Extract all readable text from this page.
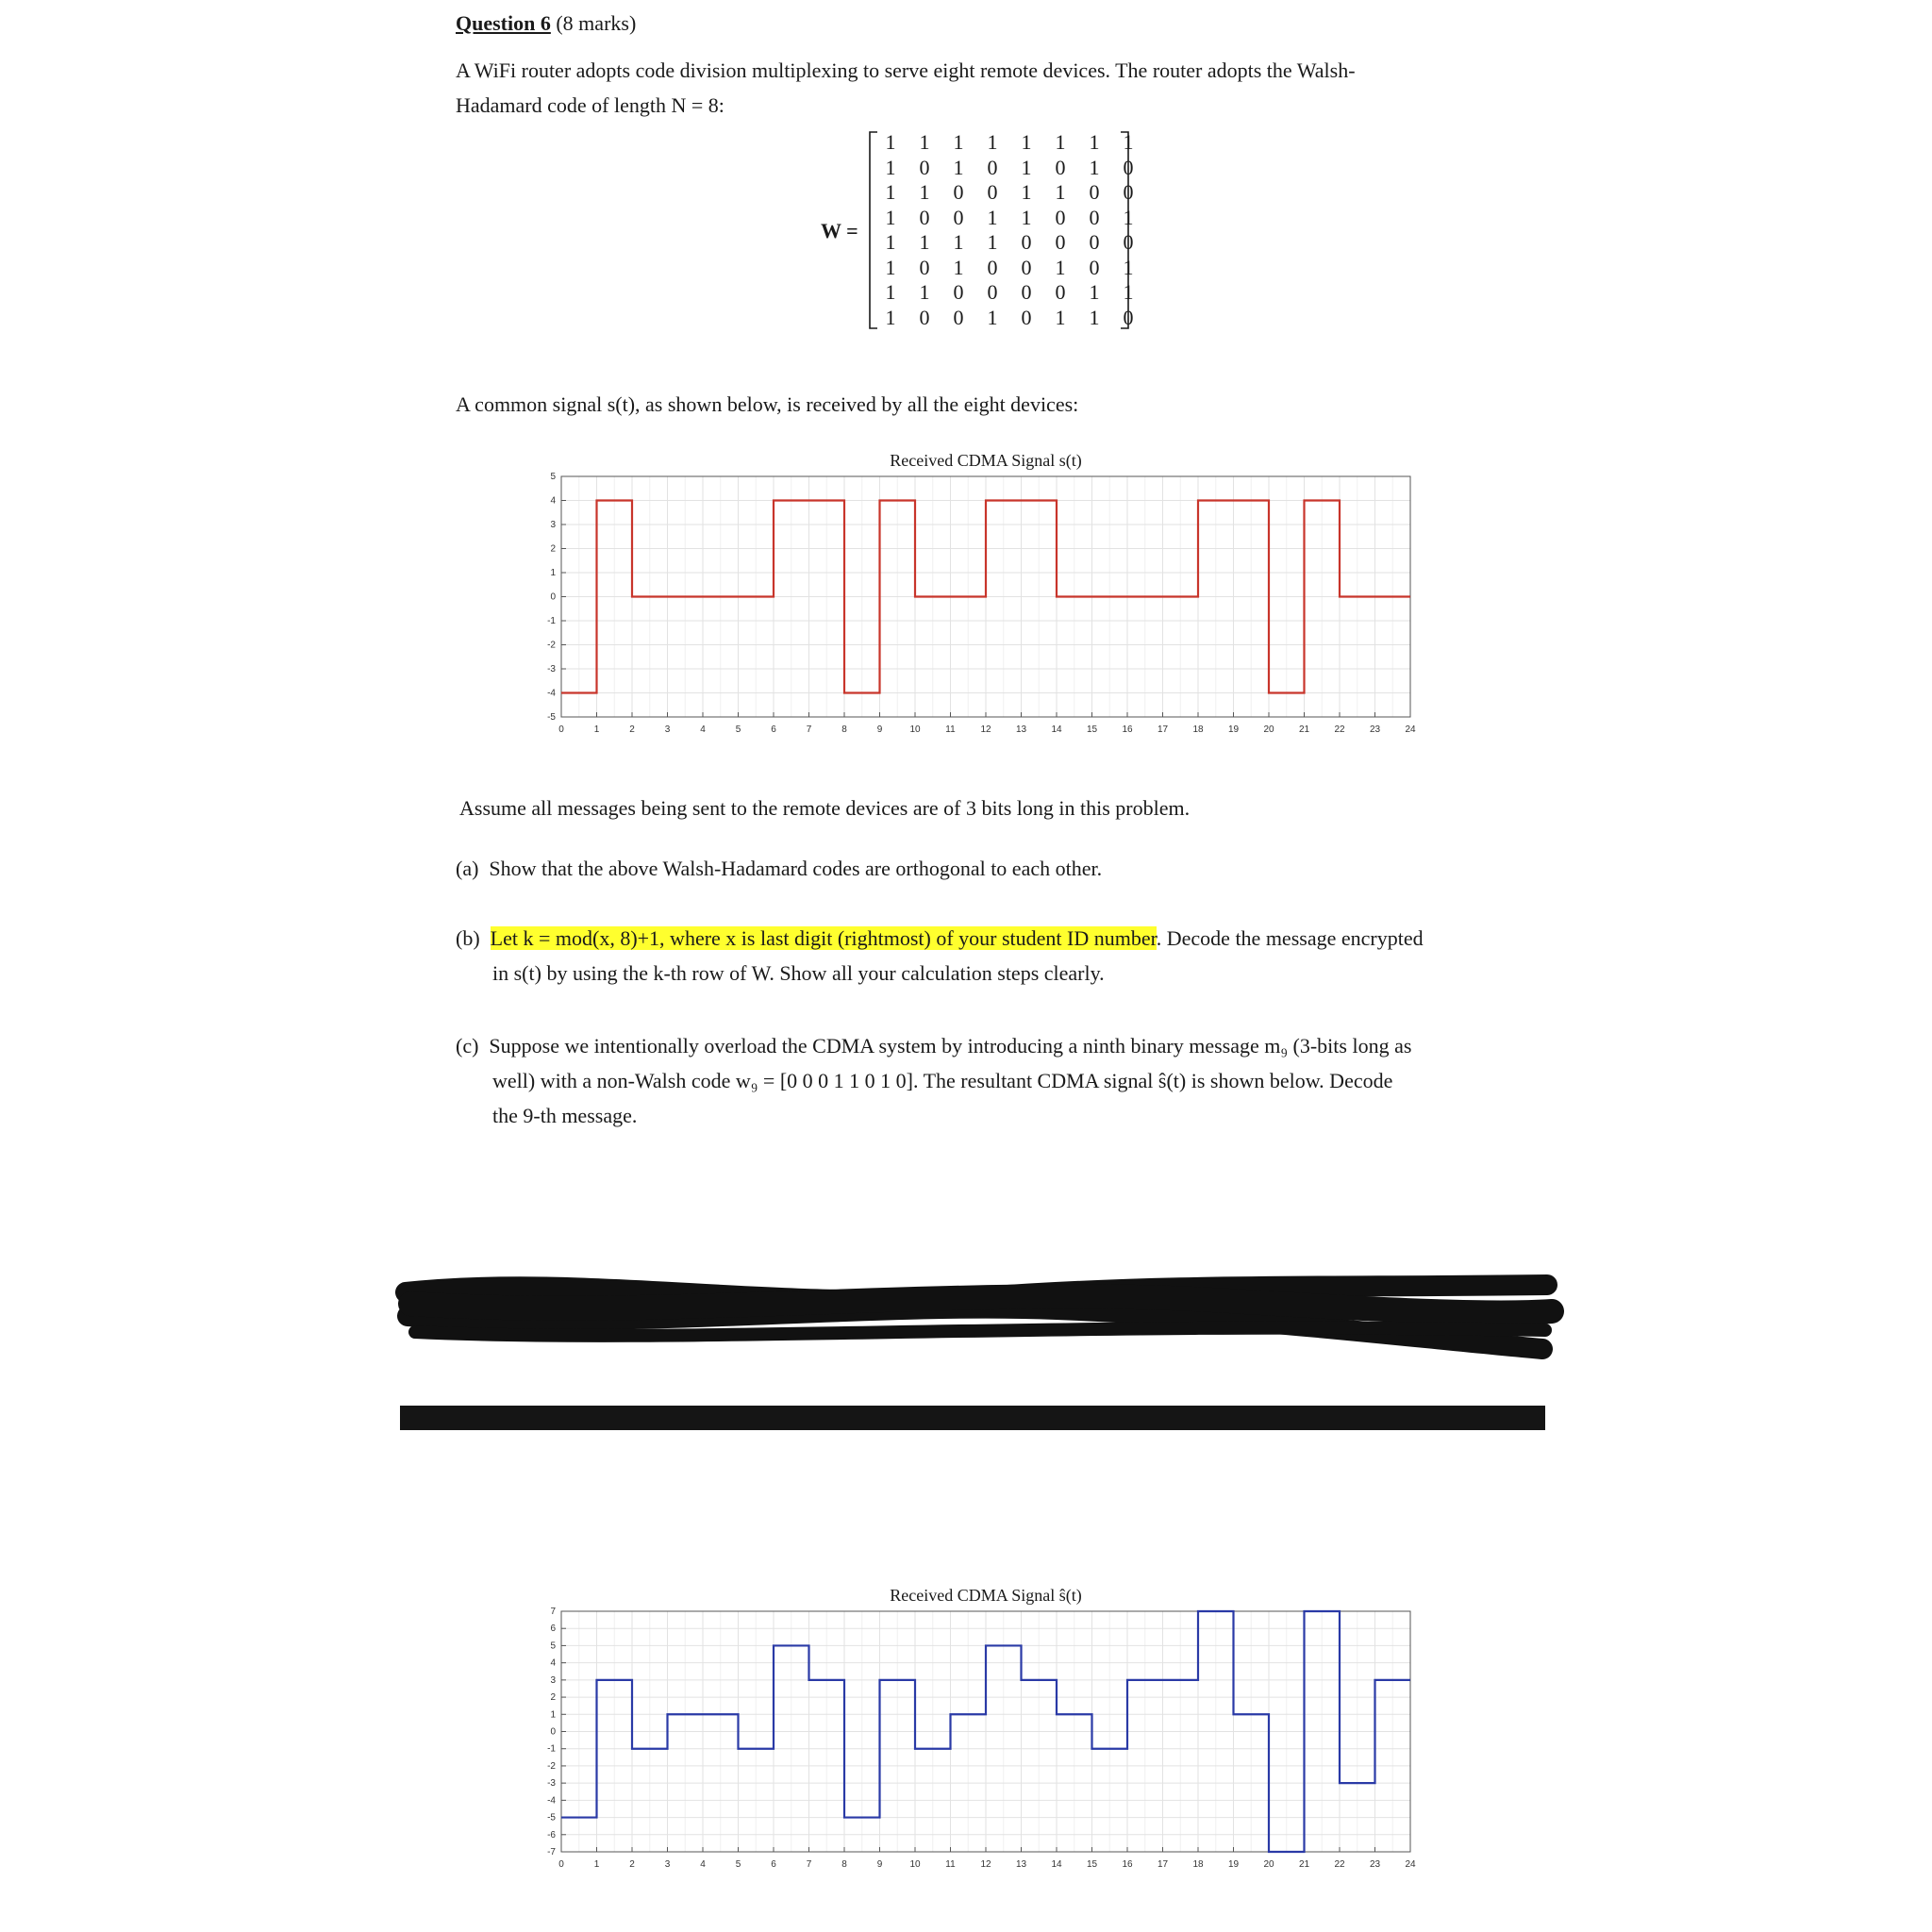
Question 6 (8 marks)
A WiFi router adopts code division multiplexing to serve eight remote devices. The router adopts the Walsh-
Hadamard code of length N = 8:
W =
1 1 1 1 1 1 1 1
1 0 1 0 1 0 1 0
1 1 0 0 1 1 0 0
1 0 0 1 1 0 0 1
1 1 1 1 0 0 0 0
1 0 1 0 0 1 0 1
1 1 0 0 0 0 1 1
1 0 0 1 0 1 1 0
A common signal s(t), as shown below, is received by all the eight devices:
Received CDMA Signal s(t)
0	1	2	3	4	5	6	7	8	9	10	11	12	13	14	15	16	17	18	19	20	21	22	23	24
5
4
3
2
1
0
-1
-2
-3
-4
-5
Assume all messages being sent to the remote devices are of 3 bits long in this problem.
(a) Show that the above Walsh-Hadamard codes are orthogonal to each other.
(b) Let k = mod(x, 8)+1, where x is last digit (rightmost) of your student ID number. Decode the message encrypted
in s(t) by using the k-th row of W. Show all your calculation steps clearly.
(c) Suppose we intentionally overload the CDMA system by introducing a ninth binary message m₉ (3-bits long as
well) with a non-Walsh code w₉ = [0 0 0 1 1 0 1 0]. The resultant CDMA signal ŝ(t) is shown below. Decode
the 9-th message.
Received CDMA Signal ŝ(t)
0	1	2	3	4	5	6	7	8	9	10	11	12	13	14	15	16	17	18	19	20	21	22	23	24
7
6
5
4
3
2
1
0
-1
-2
-3
-4
-5
-6
-7
